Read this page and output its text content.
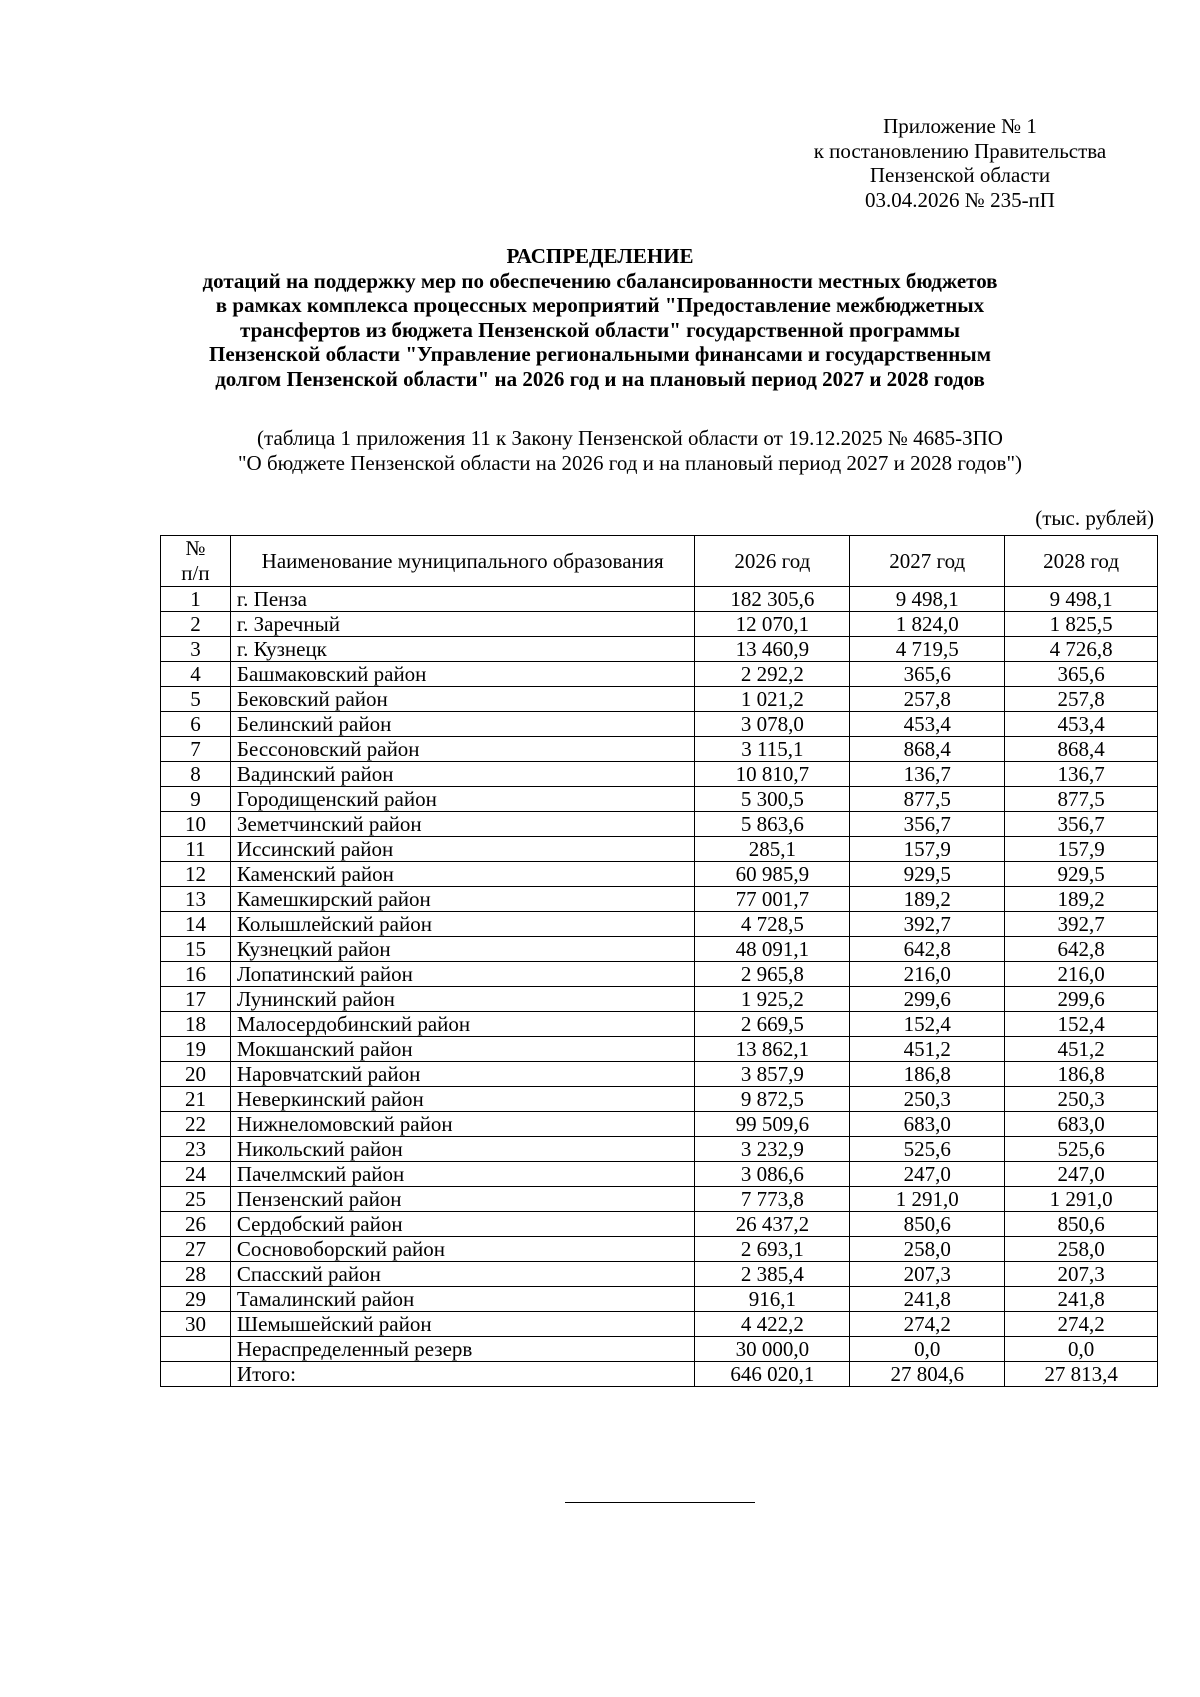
Приложение № 1
к постановлению Правительства
Пензенской области
03.04.2026 № 235-пП
РАСПРЕДЕЛЕНИЕ
дотаций на поддержку мер по обеспечению сбалансированности местных бюджетов
в рамках комплекса процессных мероприятий "Предоставление межбюджетных
трансфертов из бюджета Пензенской области" государственной программы
Пензенской области "Управление региональными финансами и государственным
долгом Пензенской области" на 2026 год и на плановый период 2027 и 2028 годов
(таблица 1 приложения 11 к Закону Пензенской области от 19.12.2025 № 4685-ЗПО
"О бюджете Пензенской области на 2026 год и на плановый период 2027 и 2028 годов")
(тыс. рублей)
№
п/п	Наименование муниципального образования	2026 год	2027 год	2028 год
1	г. Пенза	182 305,6	9 498,1	9 498,1
2	г. Заречный	12 070,1	1 824,0	1 825,5
3	г. Кузнецк	13 460,9	4 719,5	4 726,8
4	Башмаковский район	2 292,2	365,6	365,6
5	Бековский район	1 021,2	257,8	257,8
6	Белинский район	3 078,0	453,4	453,4
7	Бессоновский район	3 115,1	868,4	868,4
8	Вадинский район	10 810,7	136,7	136,7
9	Городищенский район	5 300,5	877,5	877,5
10	Земетчинский район	5 863,6	356,7	356,7
11	Иссинский район	285,1	157,9	157,9
12	Каменский район	60 985,9	929,5	929,5
13	Камешкирский район	77 001,7	189,2	189,2
14	Колышлейский район	4 728,5	392,7	392,7
15	Кузнецкий район	48 091,1	642,8	642,8
16	Лопатинский район	2 965,8	216,0	216,0
17	Лунинский район	1 925,2	299,6	299,6
18	Малосердобинский район	2 669,5	152,4	152,4
19	Мокшанский район	13 862,1	451,2	451,2
20	Наровчатский район	3 857,9	186,8	186,8
21	Неверкинский район	9 872,5	250,3	250,3
22	Нижнеломовский район	99 509,6	683,0	683,0
23	Никольский район	3 232,9	525,6	525,6
24	Пачелмский район	3 086,6	247,0	247,0
25	Пензенский район	7 773,8	1 291,0	1 291,0
26	Сердобский район	26 437,2	850,6	850,6
27	Сосновоборский район	2 693,1	258,0	258,0
28	Спасский район	2 385,4	207,3	207,3
29	Тамалинский район	916,1	241,8	241,8
30	Шемышейский район	4 422,2	274,2	274,2
	Нераспределенный резерв	30 000,0	0,0	0,0
	Итого:	646 020,1	27 804,6	27 813,4
